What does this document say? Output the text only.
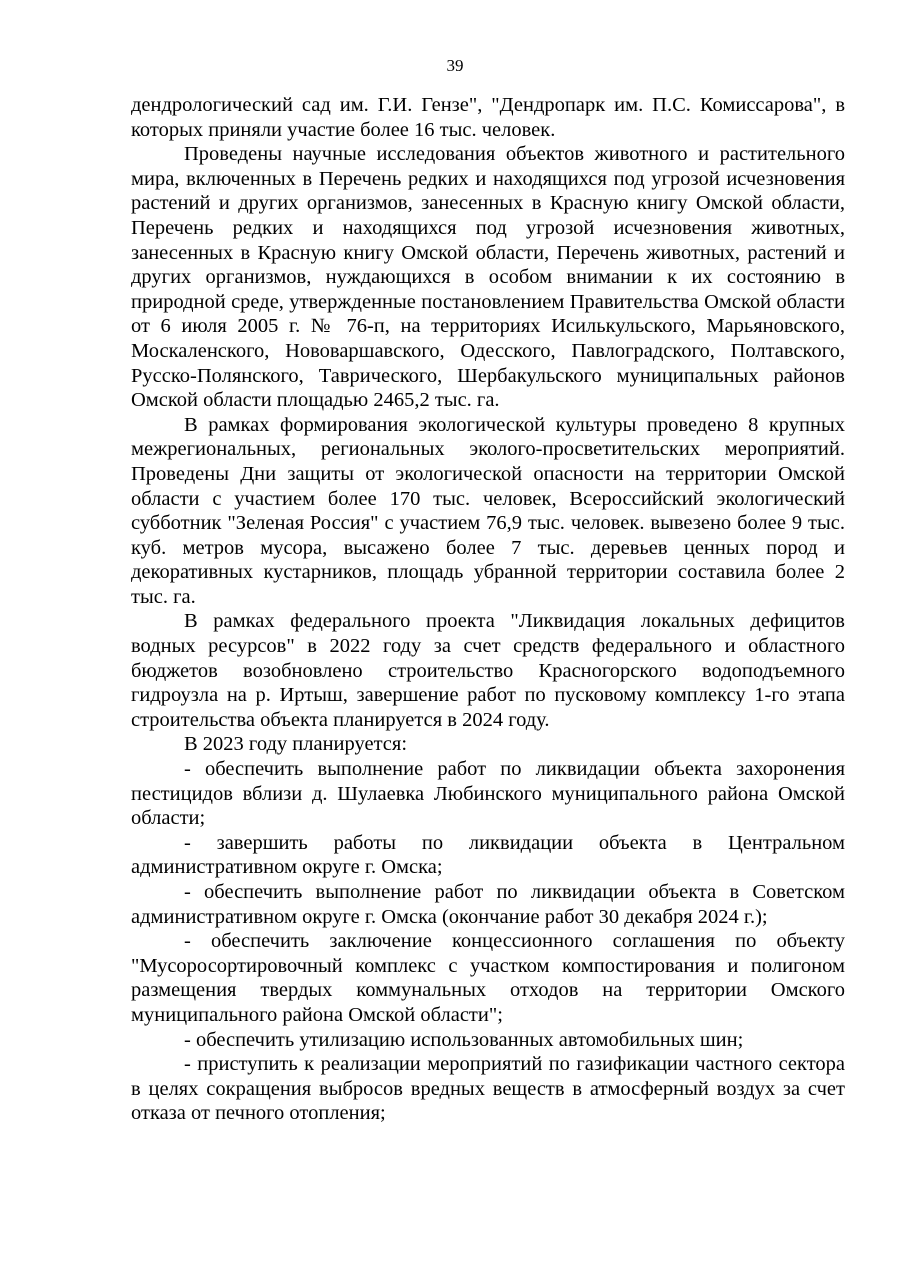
39

дендрологический сад им. Г.И. Гензе", "Дендропарк им. П.С. Комиссарова", в которых приняли участие более 16 тыс. человек.

Проведены научные исследования объектов животного и растительного мира, включенных в Перечень редких и находящихся под угрозой исчезновения растений и других организмов, занесенных в Красную книгу Омской области, Перечень редких и находящихся под угрозой исчезновения животных, занесенных в Красную книгу Омской области, Перечень животных, растений и других организмов, нуждающихся в особом внимании к их состоянию в природной среде, утвержденные постановлением Правительства Омской области от 6 июля 2005 г. № 76-п, на территориях Исилькульского, Марьяновского, Москаленского, Нововаршавского, Одесского, Павлоградского, Полтавского, Русско-Полянского, Таврического, Шербакульского муниципальных районов Омской области площадью 2465,2 тыс. га.

В рамках формирования экологической культуры проведено 8 крупных межрегиональных, региональных эколого-просветительских мероприятий. Проведены Дни защиты от экологической опасности на территории Омской области с участием более 170 тыс. человек, Всероссийский экологический субботник "Зеленая Россия" с участием 76,9 тыс. человек. вывезено более 9 тыс. куб. метров мусора, высажено более 7 тыс. деревьев ценных пород и декоративных кустарников, площадь убранной территории составила более 2 тыс. га.

В рамках федерального проекта "Ликвидация локальных дефицитов водных ресурсов" в 2022 году за счет средств федерального и областного бюджетов возобновлено строительство Красногорского водоподъемного гидроузла на р. Иртыш, завершение работ по пусковому комплексу 1-го этапа строительства объекта планируется в 2024 году.

В 2023 году планируется:

- обеспечить выполнение работ по ликвидации объекта захоронения пестицидов вблизи д. Шулаевка Любинского муниципального района Омской области;

- завершить работы по ликвидации объекта в Центральном административном округе г. Омска;

- обеспечить выполнение работ по ликвидации объекта в Советском административном округе г. Омска (окончание работ 30 декабря 2024 г.);

- обеспечить заключение концессионного соглашения по объекту "Мусоросортировочный комплекс с участком компостирования и полигоном размещения твердых коммунальных отходов на территории Омского муниципального района Омской области";

- обеспечить утилизацию использованных автомобильных шин;

- приступить к реализации мероприятий по газификации частного сектора в целях сокращения выбросов вредных веществ в атмосферный воздух за счет отказа от печного отопления;
